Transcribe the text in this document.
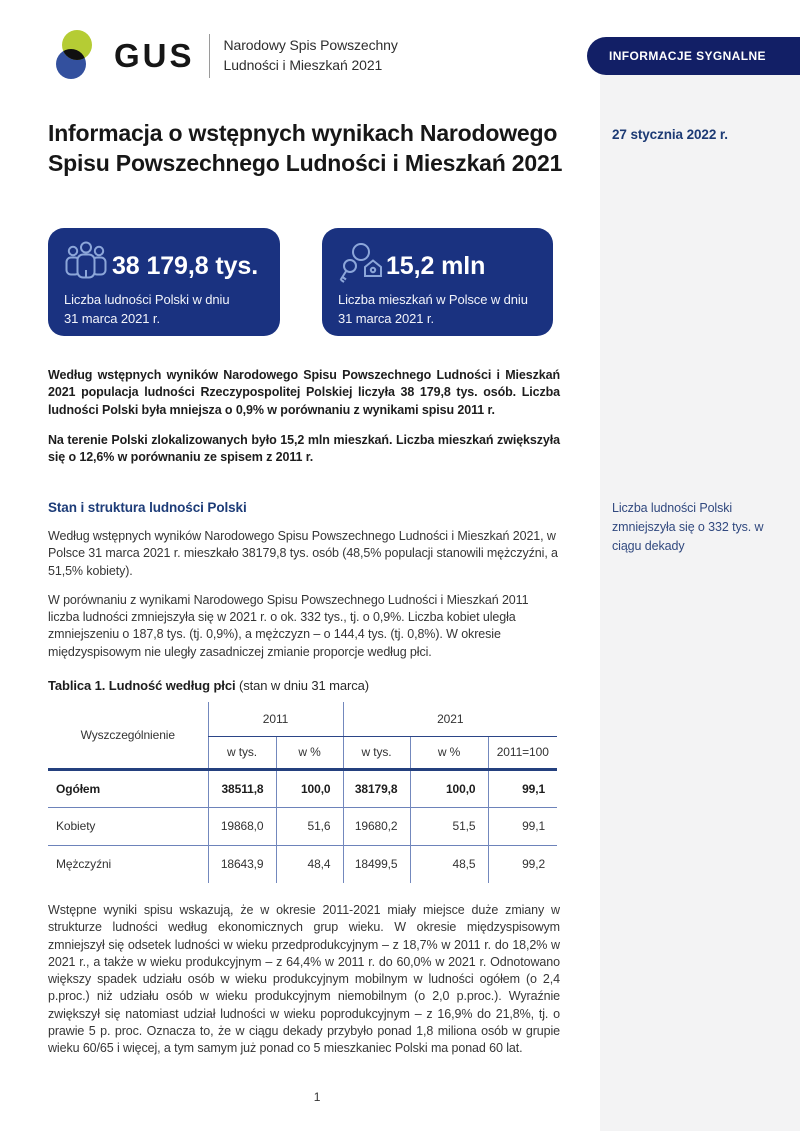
GUS Narodowy Spis Powszechny
Ludności i Mieszkań 2021
INFORMACJE SYGNALNE
27 stycznia 2022 r.
Informacja o wstępnych wynikach Narodowego Spisu Powszechnego Ludności i Mieszkań 2021
38 179,8 tys.
Liczba ludności Polski w dniu
31 marca 2021 r.
15,2 mln
Liczba mieszkań w Polsce w dniu
31 marca 2021 r.

Według wstępnych wyników Narodowego Spisu Powszechnego Ludności i Mieszkań 2021 populacja ludności Rzeczypospolitej Polskiej liczyła 38 179,8 tys. osób. Liczba ludności Polski była mniejsza o 0,9% w porównaniu z wynikami spisu 2011 r.

Na terenie Polski zlokalizowanych było 15,2 mln mieszkań. Liczba mieszkań zwiększyła się o 12,6% w porównaniu ze spisem z 2011 r.

Stan i struktura ludności Polski

Według wstępnych wyników Narodowego Spisu Powszechnego Ludności i Mieszkań 2021, w Polsce 31 marca 2021 r. mieszkało 38179,8 tys. osób (48,5% populacji stanowili mężczyźni, a 51,5% kobiety).

W porównaniu z wynikami Narodowego Spisu Powszechnego Ludności i Mieszkań 2011 liczba ludności zmniejszyła się w 2021 r. o ok. 332 tys., tj. o 0,9%. Liczba kobiet uległa zmniejszeniu o 187,8 tys. (tj. 0,9%), a mężczyzn – o 144,4 tys. (tj. 0,8%). W okresie międzyspisowym nie uległy zasadniczej zmianie proporcje według płci.

Liczba ludności Polski zmniejszyła się o 332 tys. w ciągu dekady
Tablica 1. Ludność według płci (stan w dniu 31 marca)
Wyszczególnienie	2011		2021		
	w tys.	w %	w tys.	w %	2011=100
Ogółem	38511,8	100,0	38179,8	100,0	99,1
Kobiety	19868,0	51,6	19680,2	51,5	99,1
Mężczyźni	18643,9	48,4	18499,5	48,5	99,2

Wstępne wyniki spisu wskazują, że w okresie 2011-2021 miały miejsce duże zmiany w strukturze ludności według ekonomicznych grup wieku. W okresie międzyspisowym zmniejszył się odsetek ludności w wieku przedprodukcyjnym – z 18,7% w 2011 r. do 18,2% w 2021 r., a także w wieku produkcyjnym – z 64,4% w 2011 r. do 60,0% w 2021 r. Odnotowano większy spadek udziału osób w wieku produkcyjnym mobilnym w ludności ogółem (o 2,4 p.proc.) niż udziału osób w wieku produkcyjnym niemobilnym (o 2,0 p.proc.). Wyraźnie zwiększył się natomiast udział ludności w wieku poprodukcyjnym – z 16,9% do 21,8%, tj. o prawie 5 p. proc. Oznacza to, że w ciągu dekady przybyło ponad 1,8 miliona osób w grupie wieku 60/65 i więcej, a tym samym już ponad co 5 mieszkaniec Polski ma ponad 60 lat.

1
